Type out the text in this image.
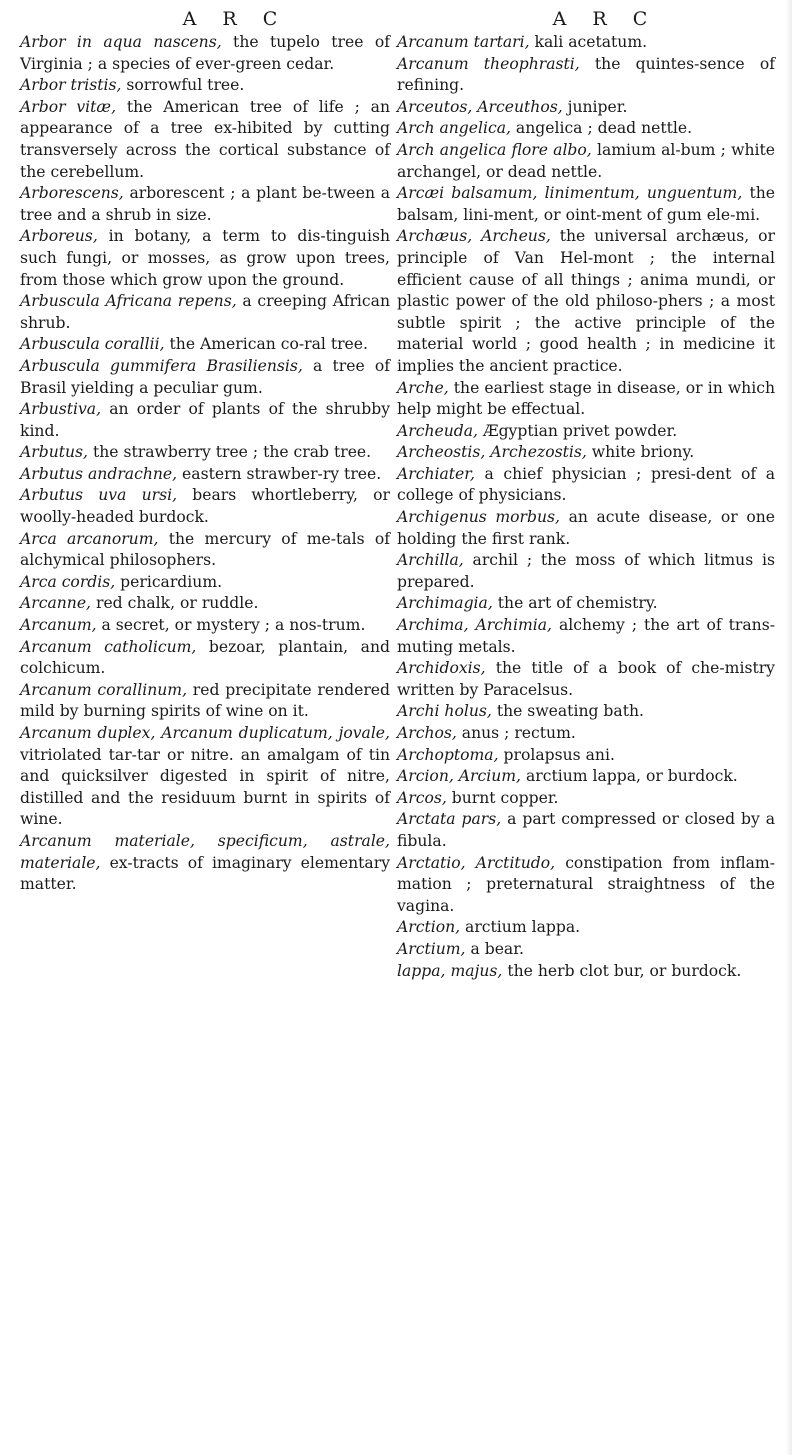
A R C	A R C

Arbor in aqua nascens, the tupelo tree of Virginia ; a species of ever-green cedar.

Arbor tristis, sorrowful tree.

Arbor vitæ, the American tree of life ; an appearance of a tree ex-hibited by cutting transversely across the cortical substance of the cerebellum.

Arborescens, arborescent ; a plant be-tween a tree and a shrub in size.

Arboreus, in botany, a term to dis-tinguish such fungi, or mosses, as grow upon trees, from those which grow upon the ground.

Arbuscula Africana repens, a creeping African shrub.

Arbuscula corallii, the American co-ral tree.

Arbuscula gummifera Brasiliensis, a tree of Brasil yielding a peculiar gum.

Arbustiva, an order of plants of the shrubby kind.

Arbutus, the strawberry tree ; the crab tree.

Arbutus andrachne, eastern strawber-ry tree.

Arbutus uva ursi, bears whortleberry, or woolly-headed burdock.

Arca arcanorum, the mercury of me-tals of alchymical philosophers.

Arca cordis, pericardium.

Arcanne, red chalk, or ruddle.

Arcanum, a secret, or mystery ; a nos-trum.

Arcanum catholicum, bezoar, plantain, and colchicum.

Arcanum corallinum, red precipitate rendered mild by burning spirits of wine on it.

Arcanum duplex, Arcanum duplicatum, jovale, vitriolated tar-tar or nitre. an amalgam of tin and quicksilver digested in spirit of nitre, distilled and the residuum burnt in spirits of wine.

Arcanum materiale, specificum, astrale, materiale, ex-tracts of imaginary elementary matter.

Arcanum tartari, kali acetatum.

Arcanum theophrasti, the quintes-sence of refining.

Arceutos, Arceuthos, juniper.

Arch angelica, angelica ; dead nettle.

Arch angelica flore albo, lamium al-bum ; white archangel, or dead nettle.

Arcæi balsamum, linimentum, unguentum, the balsam, lini-ment, or oint-ment of gum ele-mi.

Archæus, Archeus, the universal archæus, or principle of Van Hel-mont ; the internal efficient cause of all things ; anima mundi, or plastic power of the old philoso-phers ; a most subtle spirit ; the active principle of the material world ; good health ; in medicine it implies the ancient practice.

Arche, the earliest stage in disease, or in which help might be effectual.

Archeuda, Ægyptian privet powder.

Archeostis, Archezostis, white briony.

Archiater, a chief physician ; presi-dent of a college of physicians.

Archigenus morbus, an acute disease, or one holding the first rank.

Archilla, archil ; the moss of which litmus is prepared.

Archimagia, the art of chemistry.

Archima, Archimia, alchemy ; the art of trans-muting metals.

Archidoxis, the title of a book of che-mistry written by Paracelsus.

Archi holus, the sweating bath.

Archos, anus ; rectum.

Archoptoma, prolapsus ani.

Arcion, Arcium, arctium lappa, or burdock.

Arcos, burnt copper.

Arctata pars, a part compressed or closed by a fibula.

Arctatio, Arctitudo, constipation from inflam-mation ; preternatural straightness of the vagina.

Arction, arctium lappa.

Arctium, a bear.

lappa, majus, the herb clot bur, or burdock.
